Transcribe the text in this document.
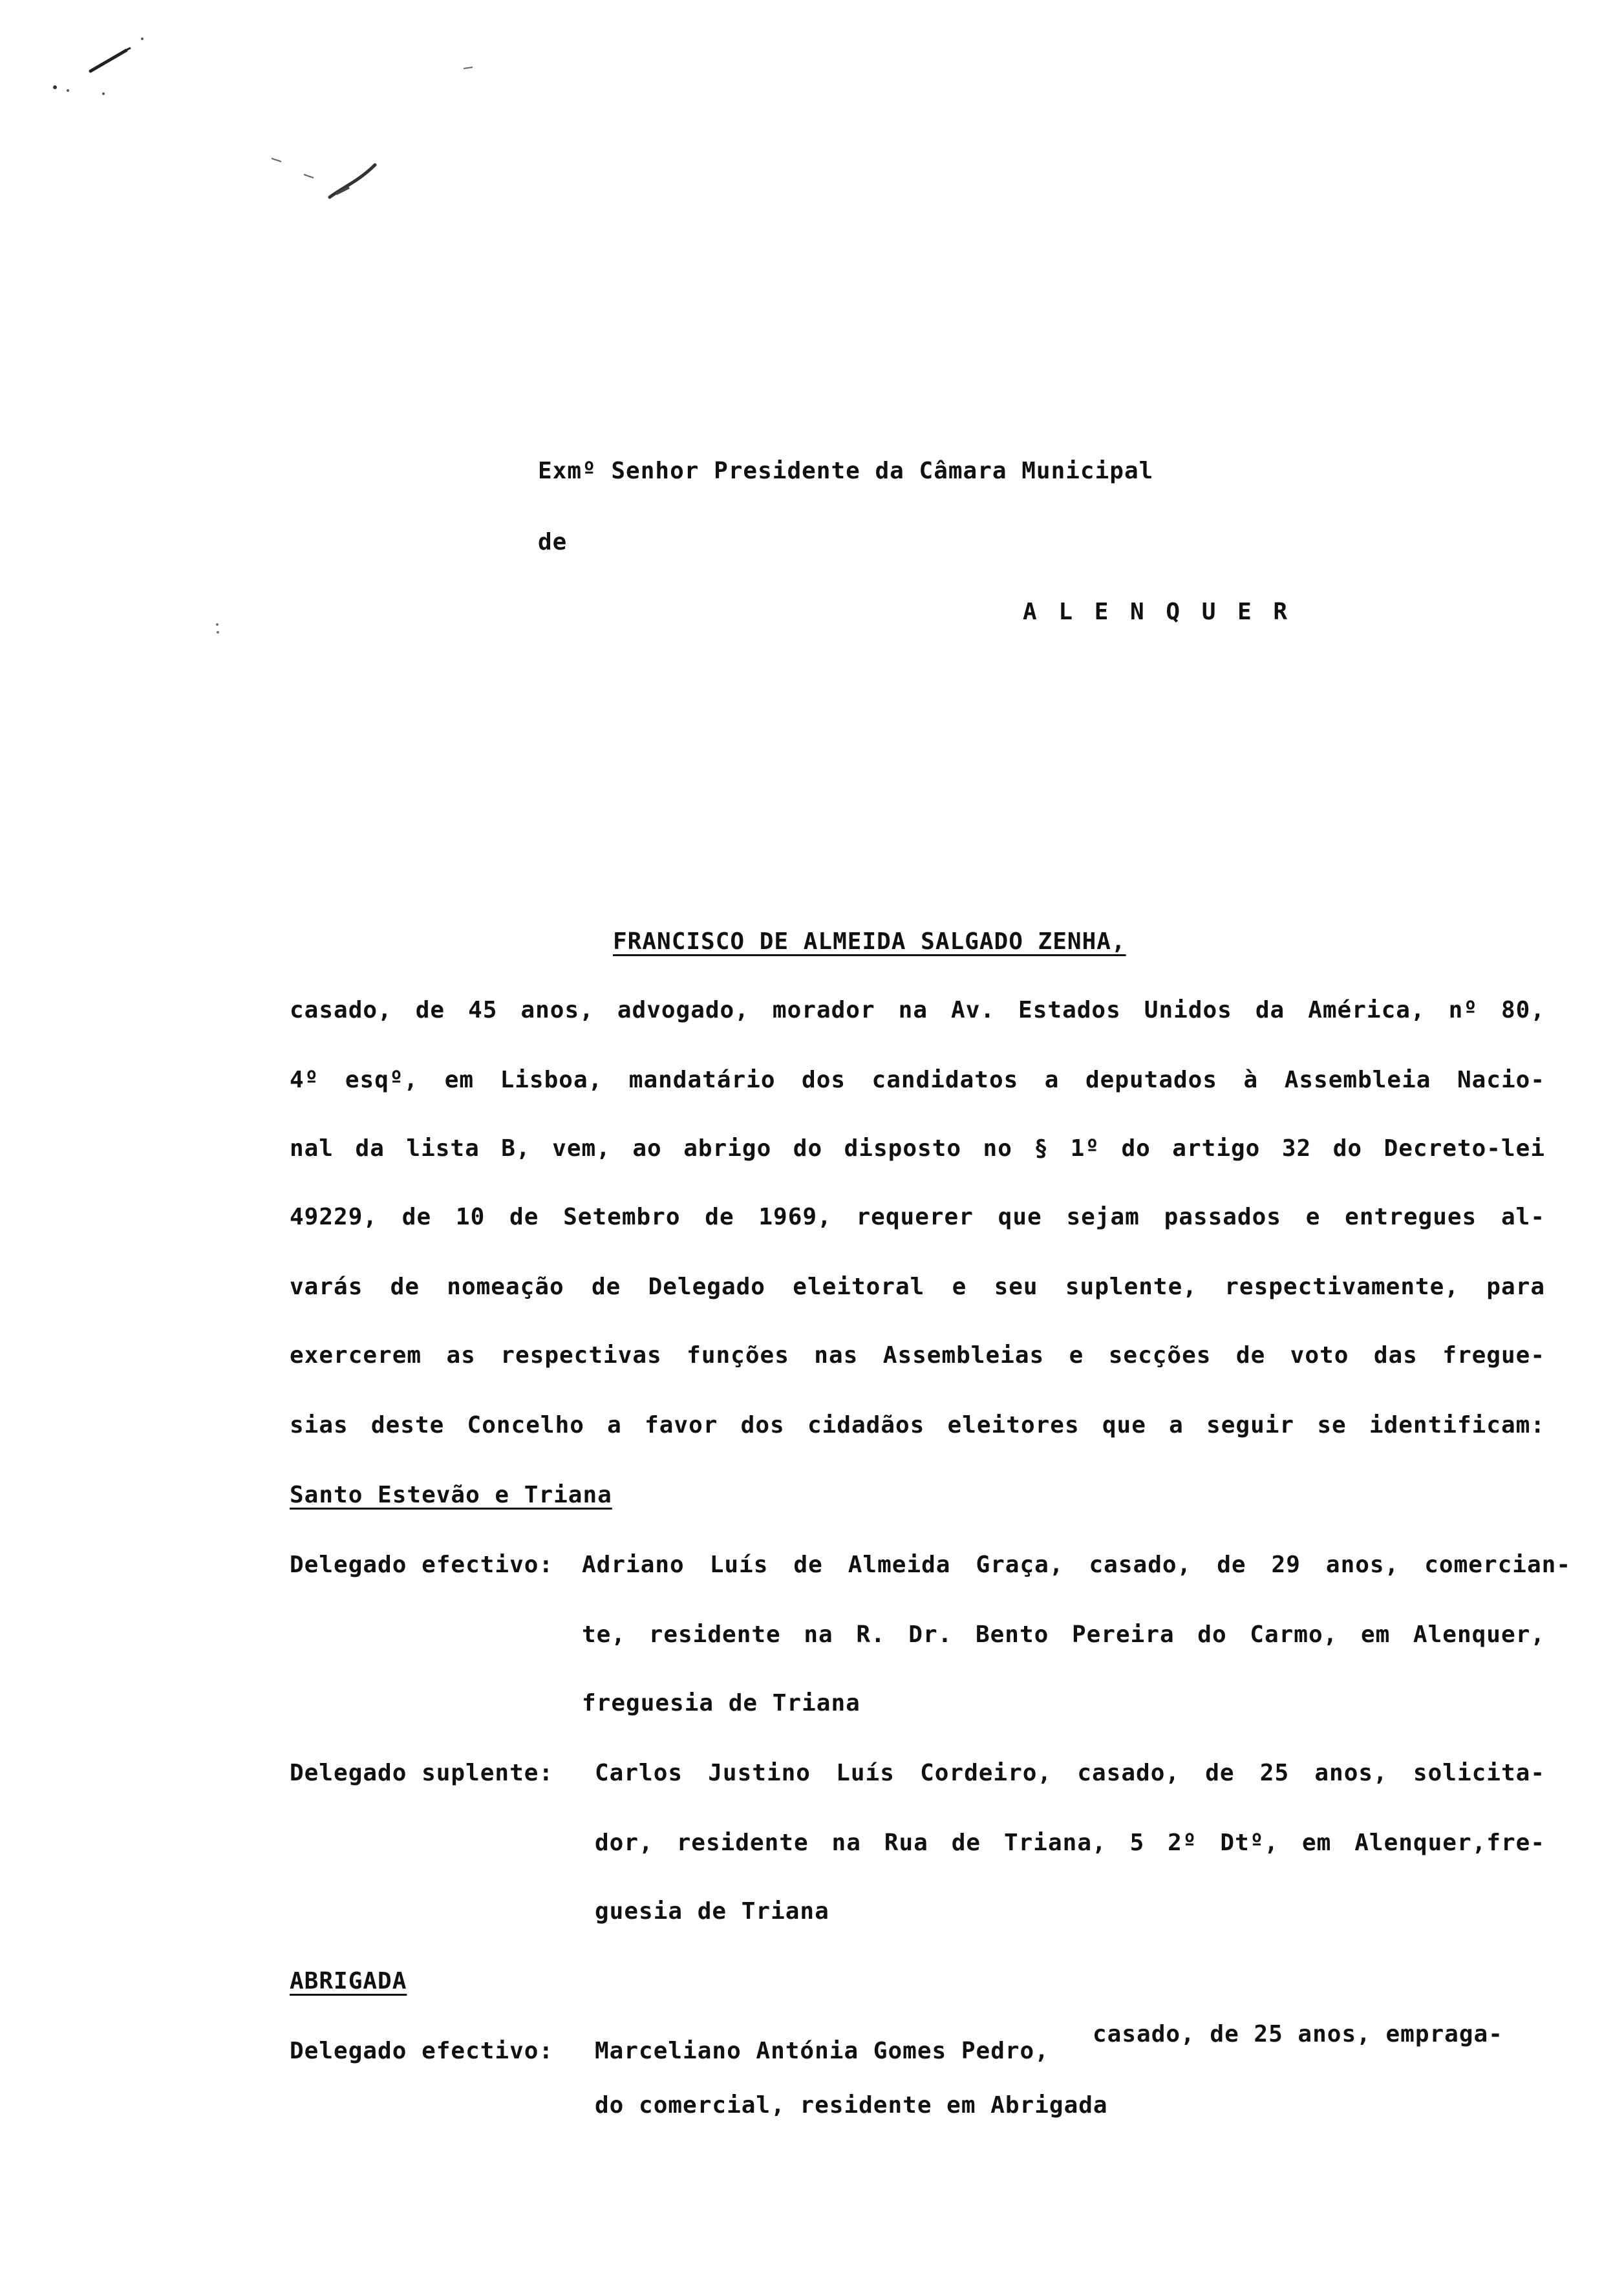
Exmº Senhor Presidente da Câmara Municipal
de
A L E N Q U E R
FRANCISCO DE ALMEIDA SALGADO ZENHA,
casado, de 45 anos, advogado, morador na Av. Estados Unidos da América, nº 80,
4º esqº, em Lisboa, mandatário dos candidatos a deputados à Assembleia Nacio-
nal da lista B, vem, ao abrigo do disposto no § 1º do artigo 32 do Decreto-lei
49229, de 10 de Setembro de 1969, requerer que sejam passados e entregues al-
varás de nomeação de Delegado eleitoral e seu suplente, respectivamente, para
exercerem as respectivas funções nas Assembleias e secções de voto das fregue-
sias deste Concelho a favor dos cidadãos eleitores que a seguir se identificam:
Santo Estevão e Triana
Delegado efectivo: Adriano Luís de Almeida Graça, casado, de 29 anos, comercian-
te, residente na R. Dr. Bento Pereira do Carmo, em Alenquer,
freguesia de Triana
Delegado suplente: Carlos Justino Luís Cordeiro, casado, de 25 anos, solicita-
dor, residente na Rua de Triana, 5 2º Dtº, em Alenquer,fre-
guesia de Triana
ABRIGADA
Delegado efectivo: Marceliano Antónia Gomes Pedro,
casado, de 25 anos, empraga-
do comercial, residente em Abrigada
